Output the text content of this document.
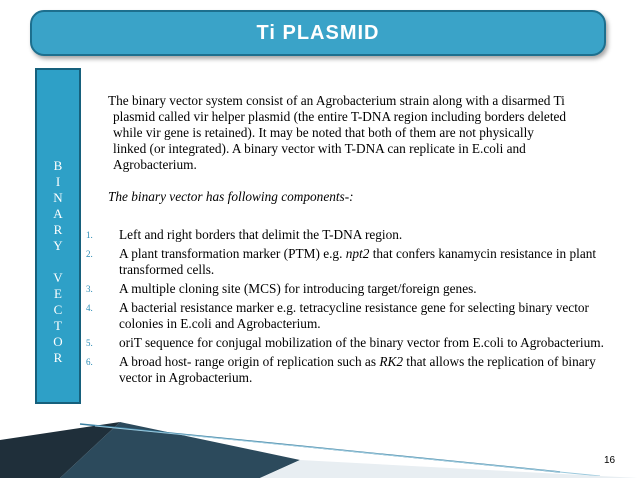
Ti PLASMID
B
I
N
A
R
Y
V
E
C
T
O
R
The binary vector system consist of an Agrobacterium strain along with a disarmed Ti
plasmid called vir helper plasmid (the entire T-DNA region including borders deleted
while vir gene is retained). It may be noted that both of them are not physically
linked (or integrated). A binary vector with T-DNA can replicate in E.coli and
Agrobacterium.
The binary vector has following components-:
1.	Left and right borders that delimit the T-DNA region.
2.	A plant transformation marker (PTM) e.g. npt2 that confers kanamycin resistance in plant transformed cells.
3.	A multiple cloning site (MCS) for introducing target/foreign genes.
4.	A bacterial resistance marker e.g. tetracycline resistance gene for selecting binary vector colonies in E.coli and Agrobacterium.
5.	oriT sequence for conjugal mobilization of the binary vector from E.coli to Agrobacterium.
6.	A broad host- range origin of replication such as RK2 that allows the replication of binary vector in Agrobacterium.
16
